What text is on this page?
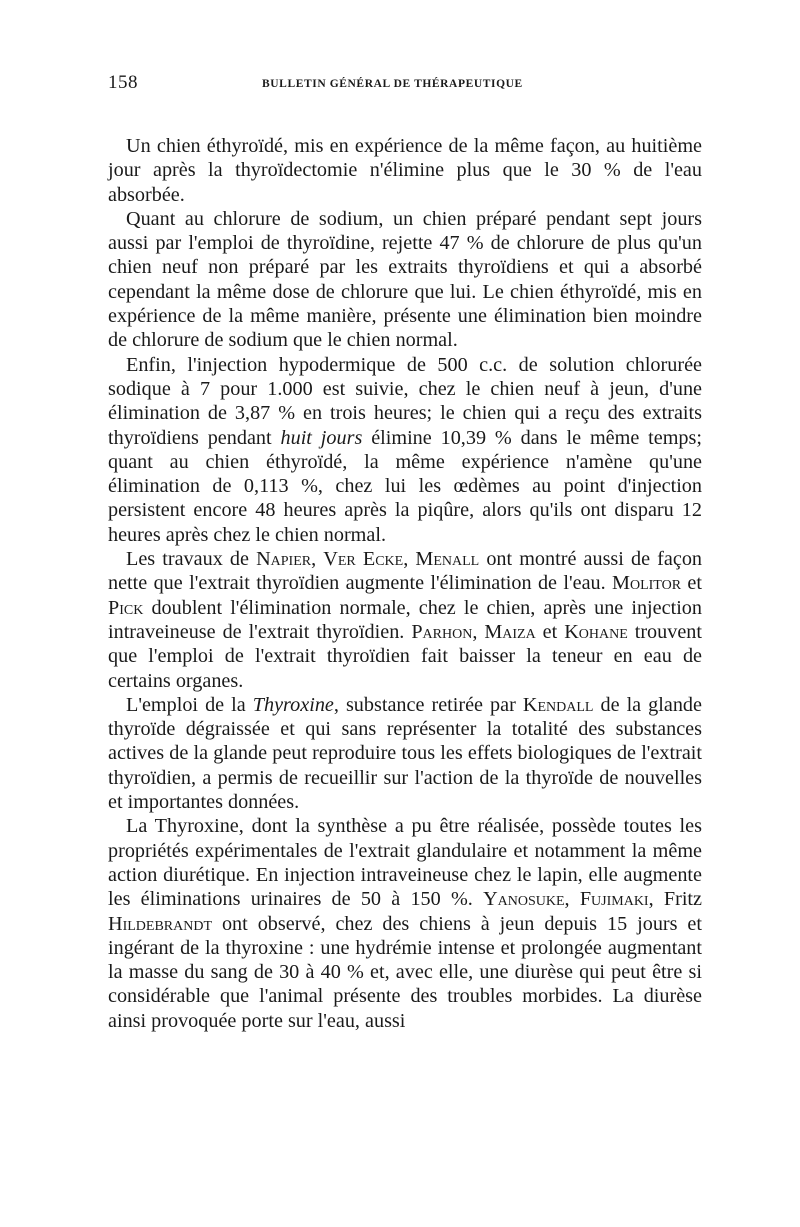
158	BULLETIN GÉNÉRAL DE THÉRAPEUTIQUE

Un chien éthyroïdé, mis en expérience de la même façon, au huitième jour après la thyroïdectomie n'élimine plus que le 30 % de l'eau absorbée.

Quant au chlorure de sodium, un chien préparé pendant sept jours aussi par l'emploi de thyroïdine, rejette 47 % de chlorure de plus qu'un chien neuf non préparé par les extraits thyroïdiens et qui a absorbé cependant la même dose de chlorure que lui. Le chien éthyroïdé, mis en expérience de la même manière, présente une élimination bien moindre de chlorure de sodium que le chien normal.

Enfin, l'injection hypodermique de 500 c.c. de solution chlorurée sodique à 7 pour 1.000 est suivie, chez le chien neuf à jeun, d'une élimination de 3,87 % en trois heures; le chien qui a reçu des extraits thyroïdiens pendant huit jours élimine 10,39 % dans le même temps; quant au chien éthyroïdé, la même expérience n'amène qu'une élimination de 0,113 %, chez lui les œdèmes au point d'injection persistent encore 48 heures après la piqûre, alors qu'ils ont disparu 12 heures après chez le chien normal.

Les travaux de Napier, Ver Ecke, Menall ont montré aussi de façon nette que l'extrait thyroïdien augmente l'élimination de l'eau. Molitor et Pick doublent l'élimination normale, chez le chien, après une injection intraveineuse de l'extrait thyroïdien. Parhon, Maiza et Kohane trouvent que l'emploi de l'extrait thyroïdien fait baisser la teneur en eau de certains organes.

L'emploi de la Thyroxine, substance retirée par Kendall de la glande thyroïde dégraissée et qui sans représenter la totalité des substances actives de la glande peut reproduire tous les effets biologiques de l'extrait thyroïdien, a permis de recueillir sur l'action de la thyroïde de nouvelles et importantes données.

La Thyroxine, dont la synthèse a pu être réalisée, possède toutes les propriétés expérimentales de l'extrait glandulaire et notamment la même action diurétique. En injection intraveineuse chez le lapin, elle augmente les éliminations urinaires de 50 à 150 %. Yanosuke, Fujimaki, Fritz Hildebrandt ont observé, chez des chiens à jeun depuis 15 jours et ingérant de la thyroxine : une hydrémie intense et prolongée augmentant la masse du sang de 30 à 40 % et, avec elle, une diurèse qui peut être si considérable que l'animal présente des troubles morbides. La diurèse ainsi provoquée porte sur l'eau, aussi
